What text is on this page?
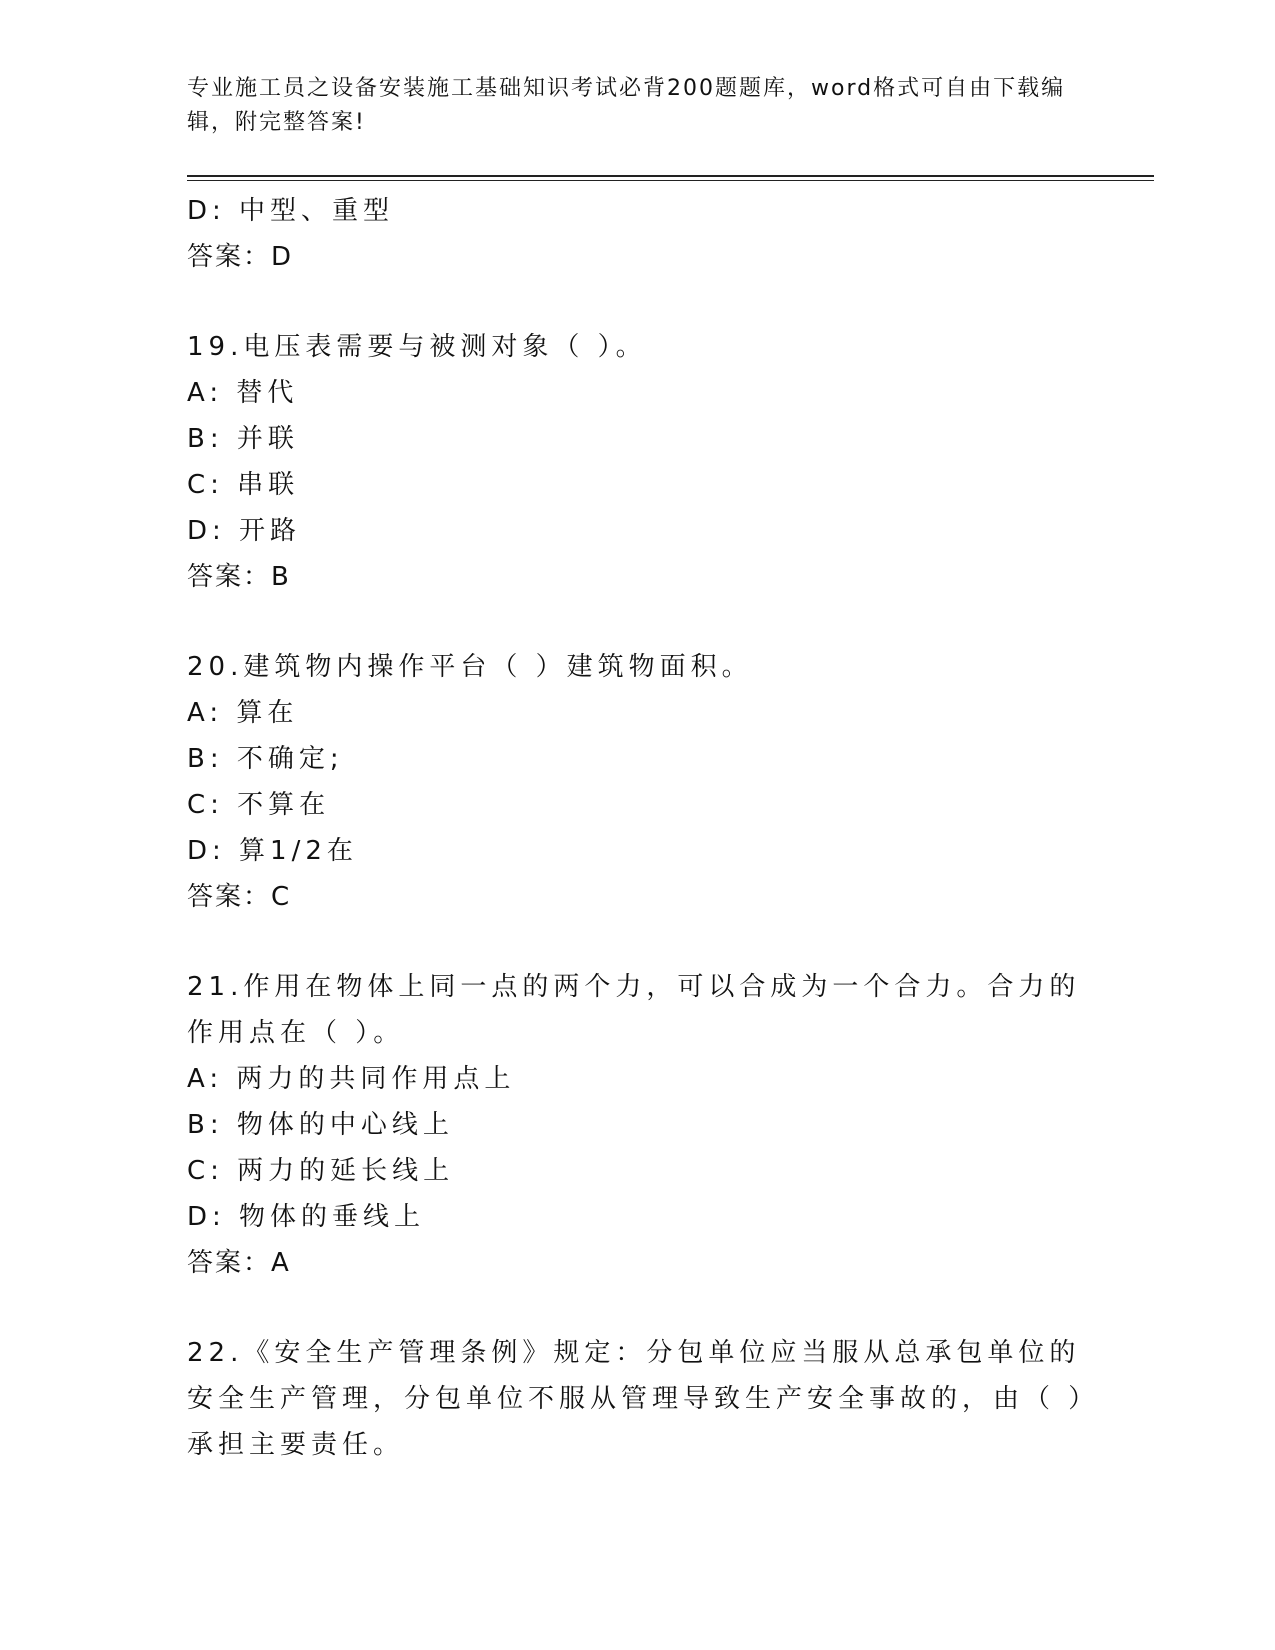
专业施工员之设备安装施工基础知识考试必背200题题库，word格式可自由下载编辑，附完整答案!

D: 中型、重型
答案：D

19.电压表需要与被测对象（ ）。

A: 替代
B: 并联
C: 串联
D: 开路
答案：B

20.建筑物内操作平台（ ）建筑物面积。

A: 算在
B: 不确定;
C: 不算在
D: 算1/2在
答案：C

21.作用在物体上同一点的两个力，可以合成为一个合力。合力的作用点在（ ）。

A: 两力的共同作用点上
B: 物体的中心线上
C: 两力的延长线上
D: 物体的垂线上
答案：A

22.《安全生产管理条例》规定：分包单位应当服从总承包单位的安全生产管理，分包单位不服从管理导致生产安全事故的，由（ ）承担主要责任。
